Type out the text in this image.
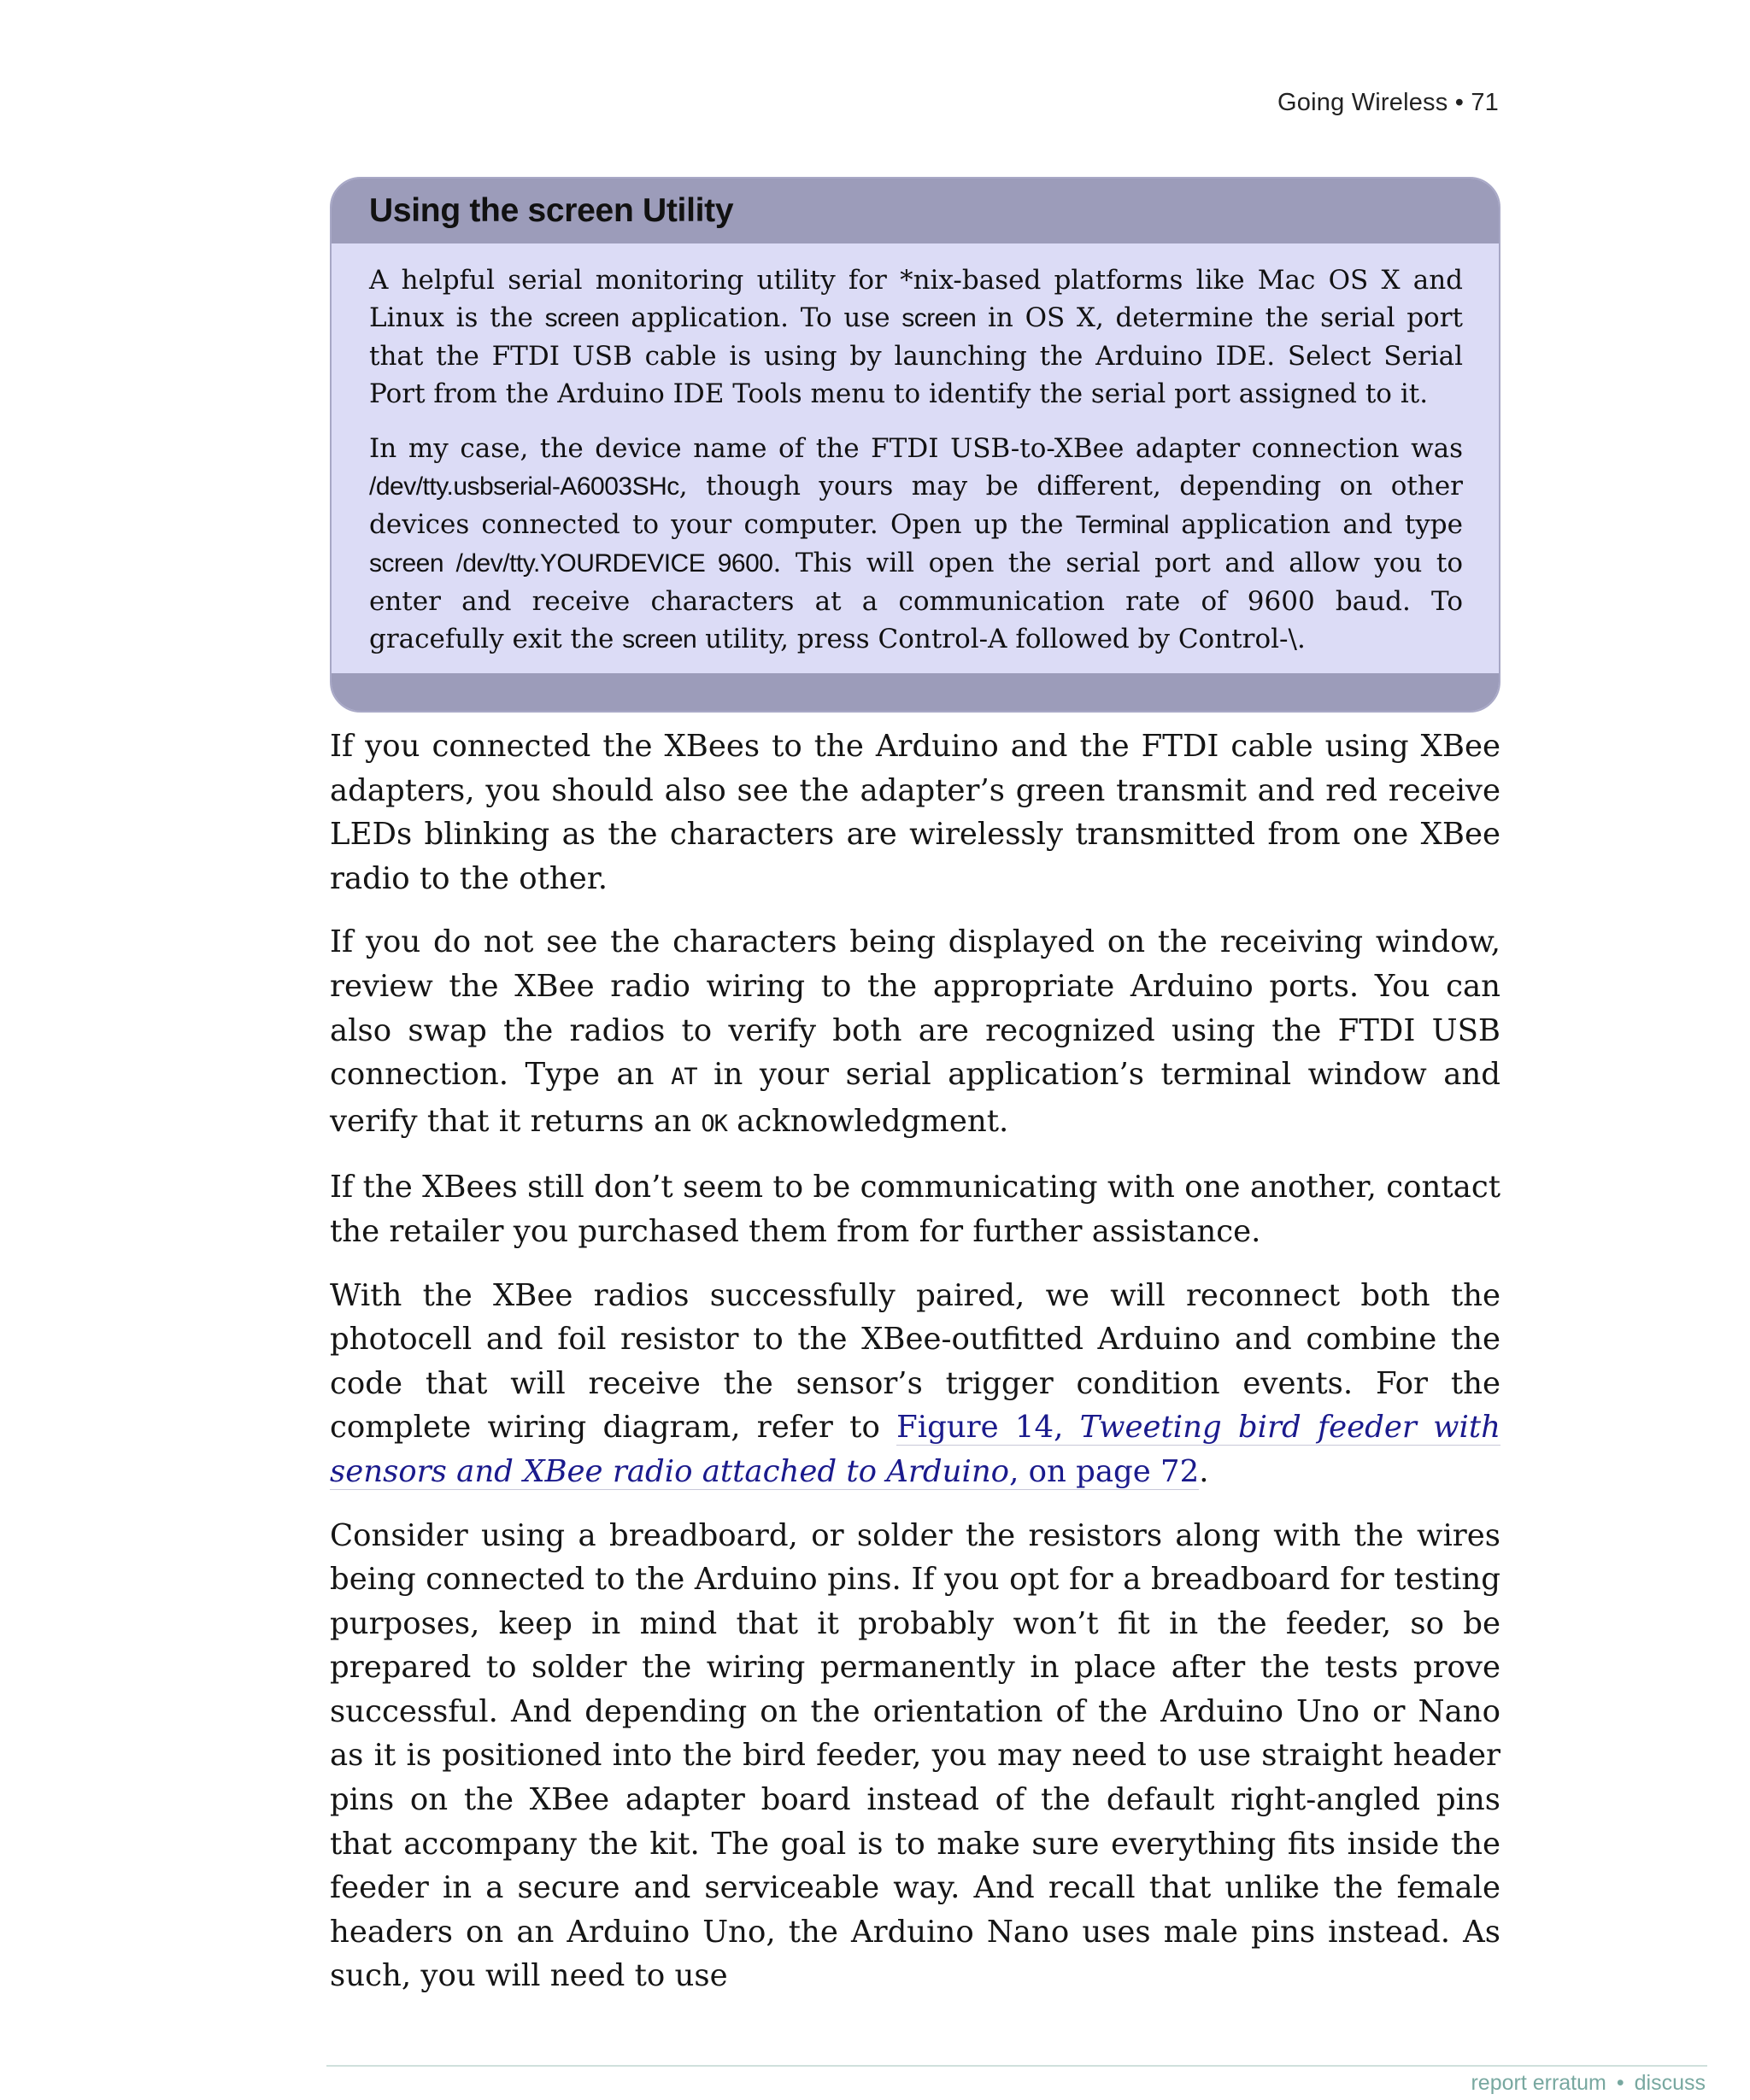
Going Wireless • 71
Using the screen Utility

A helpful serial monitoring utility for *nix-based platforms like Mac OS X and Linux is the screen application. To use screen in OS X, determine the serial port that the FTDI USB cable is using by launching the Arduino IDE. Select Serial Port from the Arduino IDE Tools menu to identify the serial port assigned to it.

In my case, the device name of the FTDI USB-to-XBee adapter connection was /dev/tty.usbserial-A6003SHc, though yours may be different, depending on other devices connected to your computer. Open up the Terminal application and type screen /dev/tty.YOURDEVICE 9600. This will open the serial port and allow you to enter and receive characters at a communication rate of 9600 baud. To gracefully exit the screen utility, press Control-A followed by Control-\.

If you connected the XBees to the Arduino and the FTDI cable using XBee adapters, you should also see the adapter’s green transmit and red receive LEDs blinking as the characters are wirelessly transmitted from one XBee radio to the other.

If you do not see the characters being displayed on the receiving window, review the XBee radio wiring to the appropriate Arduino ports. You can also swap the radios to verify both are recognized using the FTDI USB connection. Type an AT in your serial application’s terminal window and verify that it returns an OK acknowledgment.

If the XBees still don’t seem to be communicating with one another, contact the retailer you purchased them from for further assistance.

With the XBee radios successfully paired, we will reconnect both the photocell and foil resistor to the XBee-outfitted Arduino and combine the code that will receive the sensor’s trigger condition events. For the complete wiring diagram, refer to Figure 14, Tweeting bird feeder with sensors and XBee radio attached to Arduino, on page 72.

Consider using a breadboard, or solder the resistors along with the wires being connected to the Arduino pins. If you opt for a breadboard for testing purposes, keep in mind that it probably won’t fit in the feeder, so be prepared to solder the wiring permanently in place after the tests prove successful. And depending on the orientation of the Arduino Uno or Nano as it is positioned into the bird feeder, you may need to use straight header pins on the XBee adapter board instead of the default right-angled pins that accompany the kit. The goal is to make sure everything fits inside the feeder in a secure and serviceable way. And recall that unlike the female headers on an Arduino Uno, the Arduino Nano uses male pins instead. As such, you will need to use

report erratum • discuss
